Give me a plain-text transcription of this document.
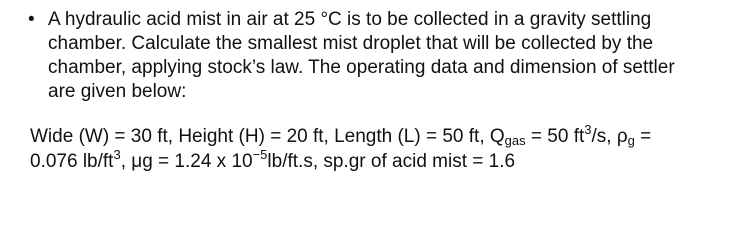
• A hydraulic acid mist in air at 25 °C is to be collected in a gravity settling
chamber. Calculate the smallest mist droplet that will be collected by the
chamber, applying stock’s law. The operating data and dimension of settler
are given below:
Wide (W) = 30 ft, Height (H) = 20 ft, Length (L) = 50 ft, $Q_{gas} = 50$ $ft^3/s$, $\rho_g$ =
0.076 $lb/ft^3$, μg = 1.24 x $10^{-5}lb/ft.s$, sp.gr of acid mist = 1.6
